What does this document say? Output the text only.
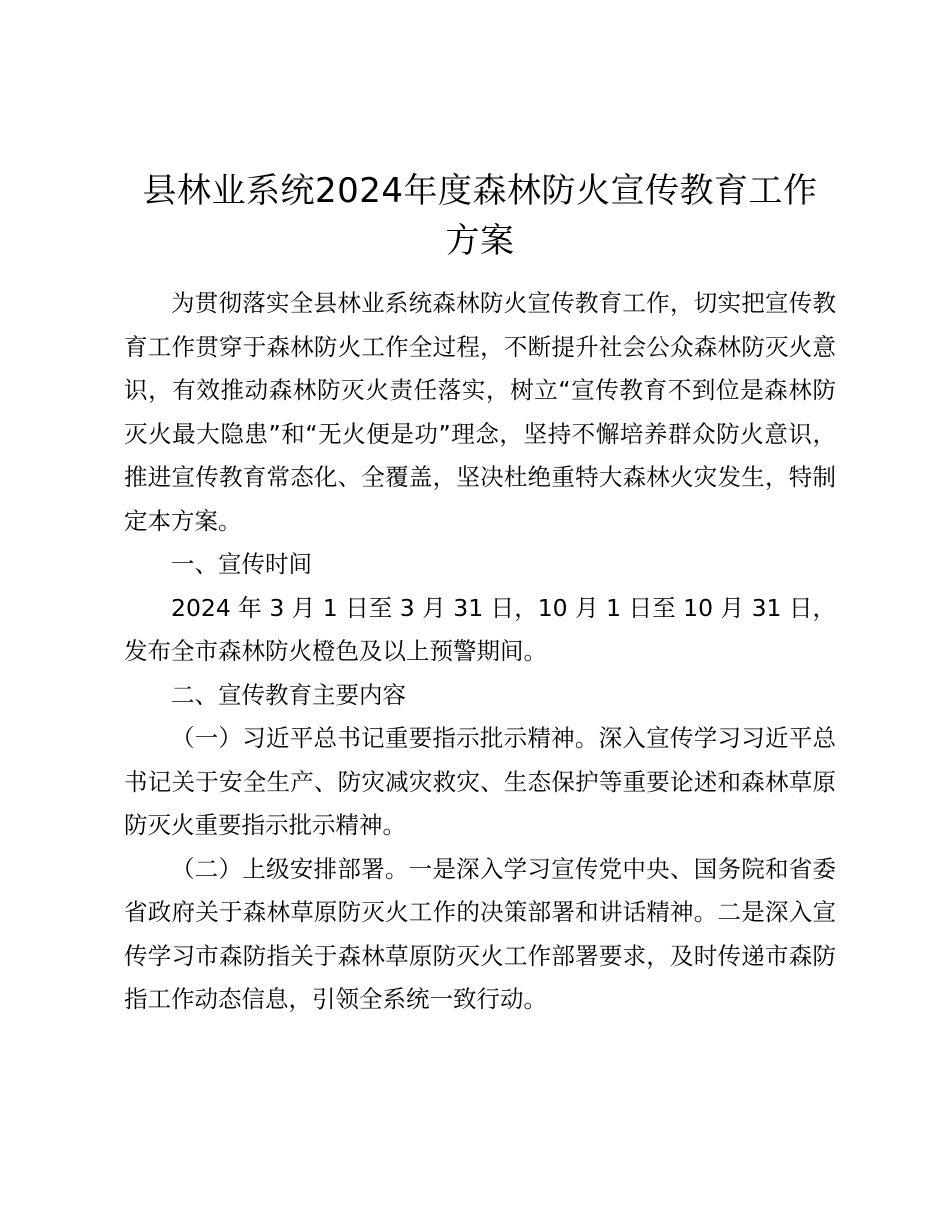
县林业系统2024年度森林防火宣传教育工作
方案

为贯彻落实全县林业系统森林防火宣传教育工作，切实把宣传教育工作贯穿于森林防火工作全过程，不断提升社会公众森林防灭火意识，有效推动森林防灭火责任落实，树立“宣传教育不到位是森林防灭火最大隐患”和“无火便是功”理念，坚持不懈培养群众防火意识，推进宣传教育常态化、全覆盖，坚决杜绝重特大森林火灾发生，特制定本方案。

一、宣传时间

2024 年 3 月 1 日至 3 月 31 日，10 月 1 日至 10 月 31 日，发布全市森林防火橙色及以上预警期间。

二、宣传教育主要内容

（一）习近平总书记重要指示批示精神。深入宣传学习习近平总书记关于安全生产、防灾减灾救灾、生态保护等重要论述和森林草原防灭火重要指示批示精神。

（二）上级安排部署。一是深入学习宣传党中央、国务院和省委省政府关于森林草原防灭火工作的决策部署和讲话精神。二是深入宣传学习市森防指关于森林草原防灭火工作部署要求，及时传递市森防指工作动态信息，引领全系统一致行动。
